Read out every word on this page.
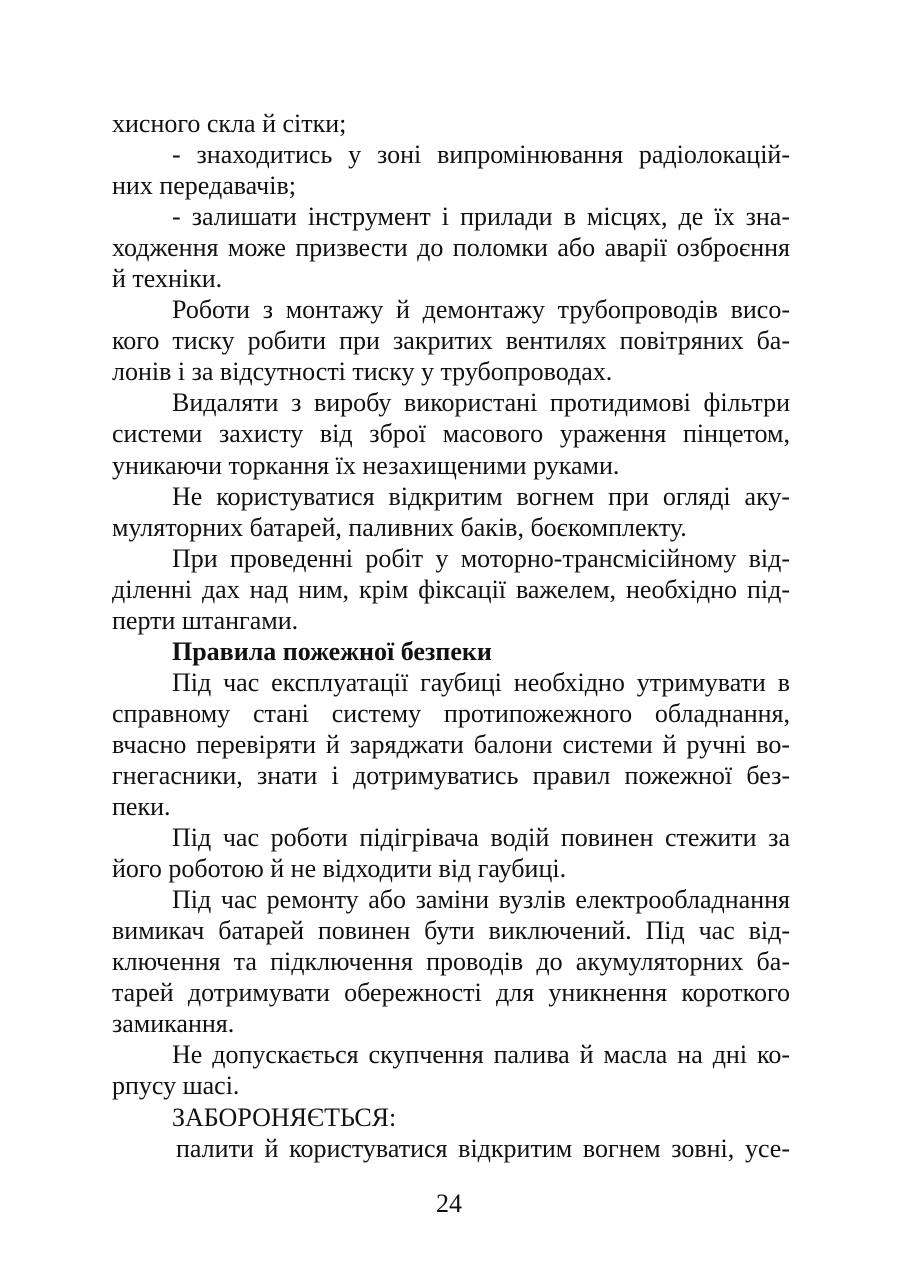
хисного скла й сітки;
- знаходитись у зоні випромінювання радіолокацій-
них передавачів;
- залишати інструмент і прилади в місцях, де їх зна-
ходження може призвести до поломки або аварії озброєння
й техніки.
Роботи з монтажу й демонтажу трубопроводів висо-
кого тиску робити при закритих вентилях повітряних ба-
лонів і за відсутності тиску у трубопроводах.
Видаляти з виробу використані протидимові фільтри
системи захисту від зброї масового ураження пінцетом,
уникаючи торкання їх незахищеними руками.
Не користуватися відкритим вогнем при огляді аку-
муляторних батарей, паливних баків, боєкомплекту.
При проведенні робіт у моторно-трансмісійному від-
діленні дах над ним, крім фіксації важелем, необхідно під-
перти штангами.
Правила пожежної безпеки
Під час експлуатації гаубиці необхідно утримувати в
справному стані систему протипожежного обладнання,
вчасно перевіряти й заряджати балони системи й ручні во-
гнегасники, знати і дотримуватись правил пожежної без-
пеки.
Під час роботи підігрівача водій повинен стежити за
його роботою й не відходити від гаубиці.
Під час ремонту або заміни вузлів електрообладнання
вимикач батарей повинен бути виключений. Під час від-
ключення та підключення проводів до акумуляторних ба-
тарей дотримувати обережності для уникнення короткого
замикання.
Не допускається скупчення палива й масла на дні ко-
рпусу шасі.
ЗАБОРОНЯЄТЬСЯ:
палити й користуватися відкритим вогнем зовні, усе-
24
